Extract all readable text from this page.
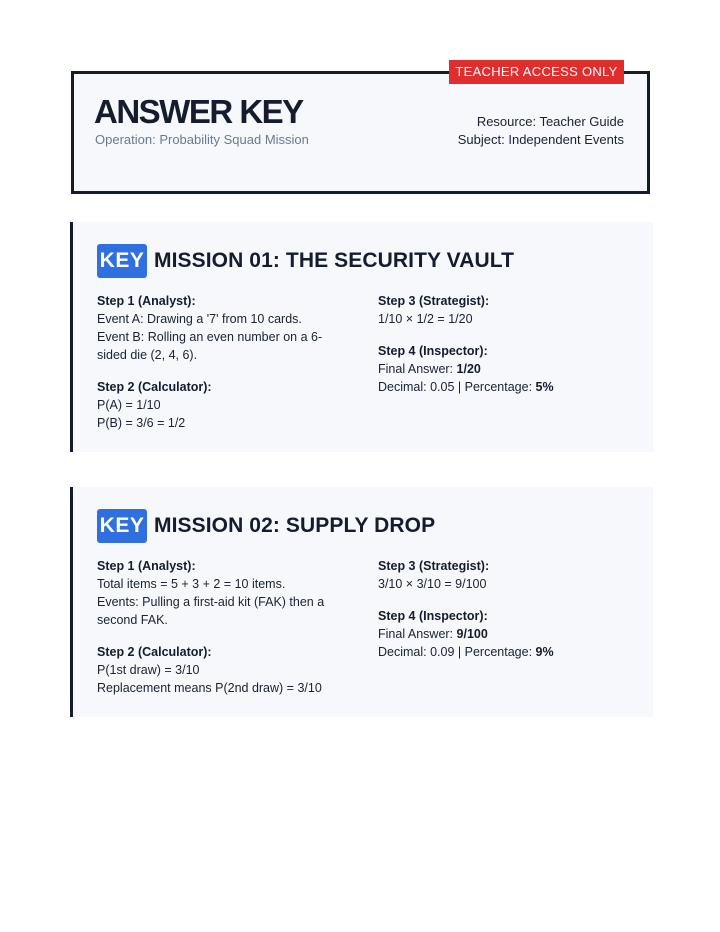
TEACHER ACCESS ONLY
ANSWER KEY
Operation: Probability Squad Mission
Resource: Teacher Guide
Subject: Independent Events
KEY MISSION 01: THE SECURITY VAULT
Step 1 (Analyst):
Event A: Drawing a '7' from 10 cards.
Event B: Rolling an even number on a 6-sided die (2, 4, 6).
Step 2 (Calculator):
P(A) = 1/10
P(B) = 3/6 = 1/2
Step 3 (Strategist):
1/10 × 1/2 = 1/20
Step 4 (Inspector):
Final Answer: 1/20
Decimal: 0.05 | Percentage: 5%
KEY MISSION 02: SUPPLY DROP
Step 1 (Analyst):
Total items = 5 + 3 + 2 = 10 items.
Events: Pulling a first-aid kit (FAK) then a second FAK.
Step 2 (Calculator):
P(1st draw) = 3/10
Replacement means P(2nd draw) = 3/10
Step 3 (Strategist):
3/10 × 3/10 = 9/100
Step 4 (Inspector):
Final Answer: 9/100
Decimal: 0.09 | Percentage: 9%
